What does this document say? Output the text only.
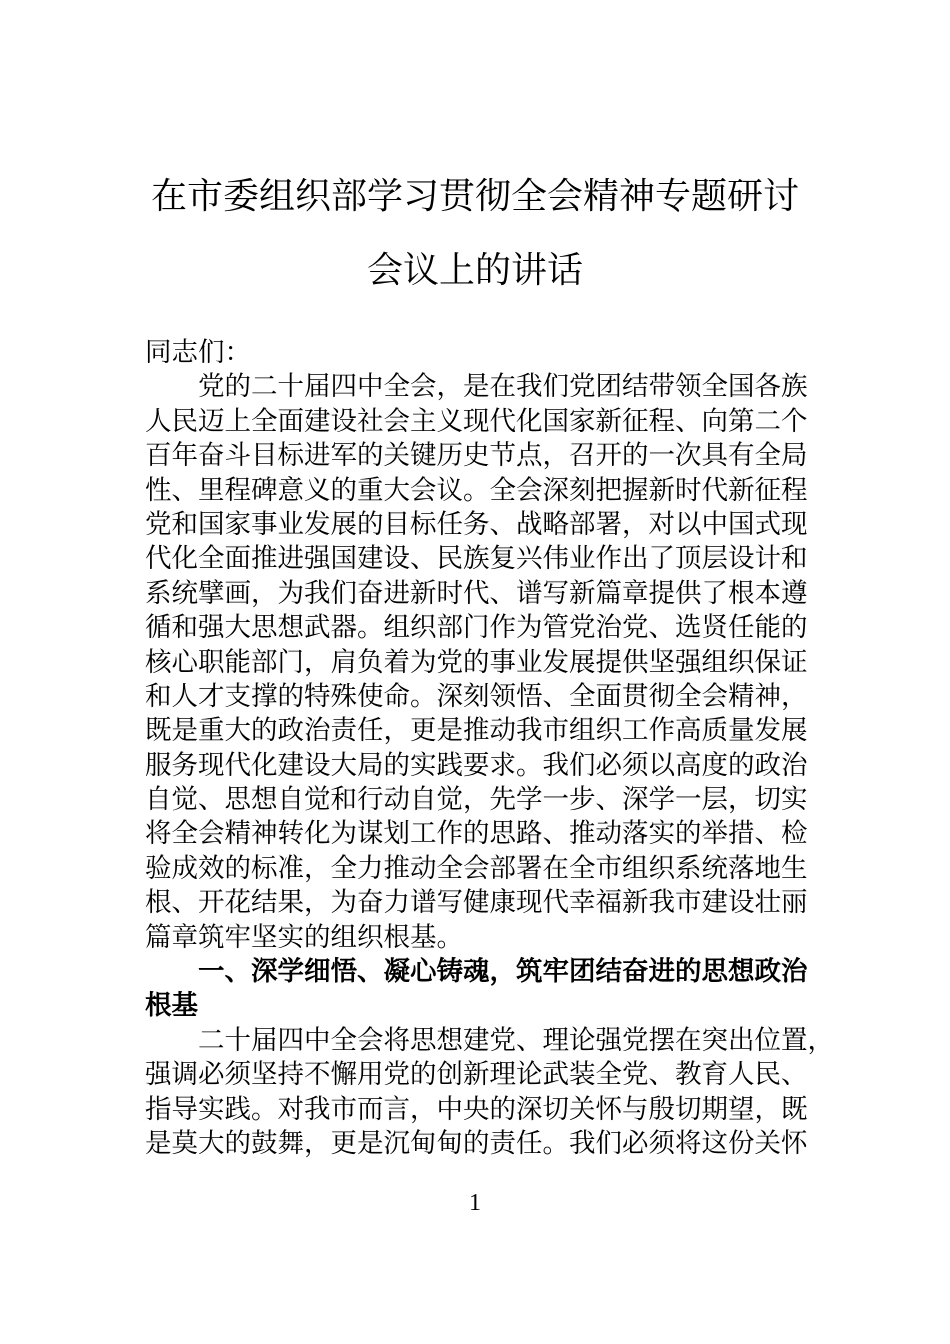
在市委组织部学习贯彻全会精神专题研讨
会议上的讲话
同志们：
党的二十届四中全会，是在我们党团结带领全国各族
人民迈上全面建设社会主义现代化国家新征程、向第二个
百年奋斗目标进军的关键历史节点，召开的一次具有全局
性、里程碑意义的重大会议。全会深刻把握新时代新征程
党和国家事业发展的目标任务、战略部署，对以中国式现
代化全面推进强国建设、民族复兴伟业作出了顶层设计和
系统擘画，为我们奋进新时代、谱写新篇章提供了根本遵
循和强大思想武器。组织部门作为管党治党、选贤任能的
核心职能部门，肩负着为党的事业发展提供坚强组织保证
和人才支撑的特殊使命。深刻领悟、全面贯彻全会精神，
既是重大的政治责任，更是推动我市组织工作高质量发展
服务现代化建设大局的实践要求。我们必须以高度的政治
自觉、思想自觉和行动自觉，先学一步、深学一层，切实
将全会精神转化为谋划工作的思路、推动落实的举措、检
验成效的标准，全力推动全会部署在全市组织系统落地生
根、开花结果，为奋力谱写健康现代幸福新我市建设壮丽
篇章筑牢坚实的组织根基。
一、深学细悟、凝心铸魂，筑牢团结奋进的思想政治
根基
二十届四中全会将思想建党、理论强党摆在突出位置，
强调必须坚持不懈用党的创新理论武装全党、教育人民、
指导实践。对我市而言，中央的深切关怀与殷切期望，既
是莫大的鼓舞，更是沉甸甸的责任。我们必须将这份关怀
1
